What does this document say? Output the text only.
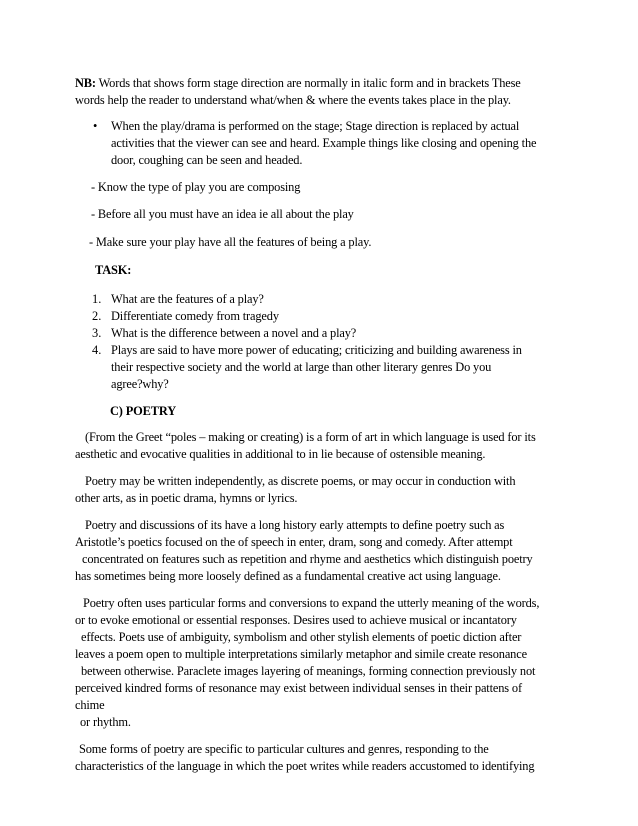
NB: Words that shows form stage direction are normally in italic form and in brackets These
words help the reader to understand what/when & where the events takes place in the play.
• When the play/drama is performed on the stage; Stage direction is replaced by actual
activities that the viewer can see and heard. Example things like closing and opening the
door, coughing can be seen and headed.
- Know the type of play you are composing
- Before all you must have an idea ie all about the play
- Make sure your play have all the features of being a play.
TASK:
1. What are the features of a play?
2. Differentiate comedy from tragedy
3. What is the difference between a novel and a play?
4. Plays are said to have more power of educating; criticizing and building awareness in
their respective society and the world at large than other literary genres Do you
agree?why?
C) POETRY
(From the Greet “poles – making or creating) is a form of art in which language is used for its
aesthetic and evocative qualities in additional to in lie because of ostensible meaning.
Poetry may be written independently, as discrete poems, or may occur in conduction with
other arts, as in poetic drama, hymns or lyrics.
Poetry and discussions of its have a long history early attempts to define poetry such as
Aristotle’s poetics focused on the of speech in enter, dram, song and comedy. After attempt
concentrated on features such as repetition and rhyme and aesthetics which distinguish poetry
has sometimes being more loosely defined as a fundamental creative act using language.
Poetry often uses particular forms and conversions to expand the utterly meaning of the words,
or to evoke emotional or essential responses. Desires used to achieve musical or incantatory
effects. Poets use of ambiguity, symbolism and other stylish elements of poetic diction after
leaves a poem open to multiple interpretations similarly metaphor and simile create resonance
between otherwise. Paraclete images layering of meanings, forming connection previously not
perceived kindred forms of resonance may exist between individual senses in their pattens of
chime
or rhythm.
Some forms of poetry are specific to particular cultures and genres, responding to the
characteristics of the language in which the poet writes while readers accustomed to identifying
